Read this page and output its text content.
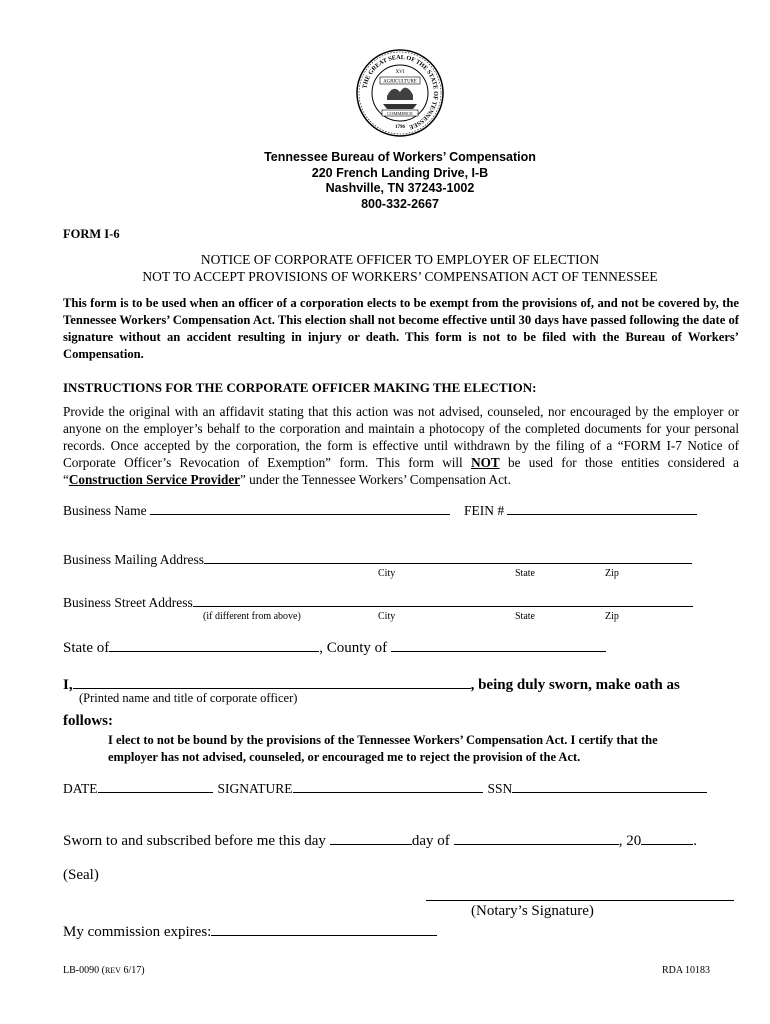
THE GREAT SEAL OF THE STATE OF TENNESSEE
XVI
AGRICULTURE
COMMERCE
1796
Tennessee Bureau of Workers’ Compensation
220 French Landing Drive, I-B
Nashville, TN 37243-1002
800-332-2667
FORM I-6
NOTICE OF CORPORATE OFFICER TO EMPLOYER OF ELECTION
NOT TO ACCEPT PROVISIONS OF WORKERS’ COMPENSATION ACT OF TENNESSEE
This form is to be used when an officer of a corporation elects to be exempt from the provisions of, and not be covered by, the Tennessee Workers’ Compensation Act. This election shall not become effective until 30 days have passed following the date of signature without an accident resulting in injury or death. This form is not to be filed with the Bureau of Workers’ Compensation.
INSTRUCTIONS FOR THE CORPORATE OFFICER MAKING THE ELECTION:
Provide the original with an affidavit stating that this action was not advised, counseled, nor encouraged by the employer or anyone on the employer’s behalf to the corporation and maintain a photocopy of the completed documents for your personal records. Once accepted by the corporation, the form is effective until withdrawn by the filing of a “FORM I-7 Notice of Corporate Officer’s Revocation of Exemption” form. This form will NOT be used for those entities considered a “Construction Service Provider” under the Tennessee Workers’ Compensation Act.
Business Name	FEIN #
Business Mailing Address
City	State	Zip
Business Street Address
(if different from above)	City	State	Zip
State of	, County of
I,	, being duly sworn, make oath as
(Printed name and title of corporate officer)
follows:
I elect to not be bound by the provisions of the Tennessee Workers’ Compensation Act. I certify that the employer has not advised, counseled, or encouraged me to reject the provision of the Act.
DATE	SIGNATURE	SSN
Sworn to and subscribed before me this day	day of	, 20	.
(Seal)
(Notary’s Signature)
My commission expires:
LB-0090 (REV 6/17)	RDA 10183
